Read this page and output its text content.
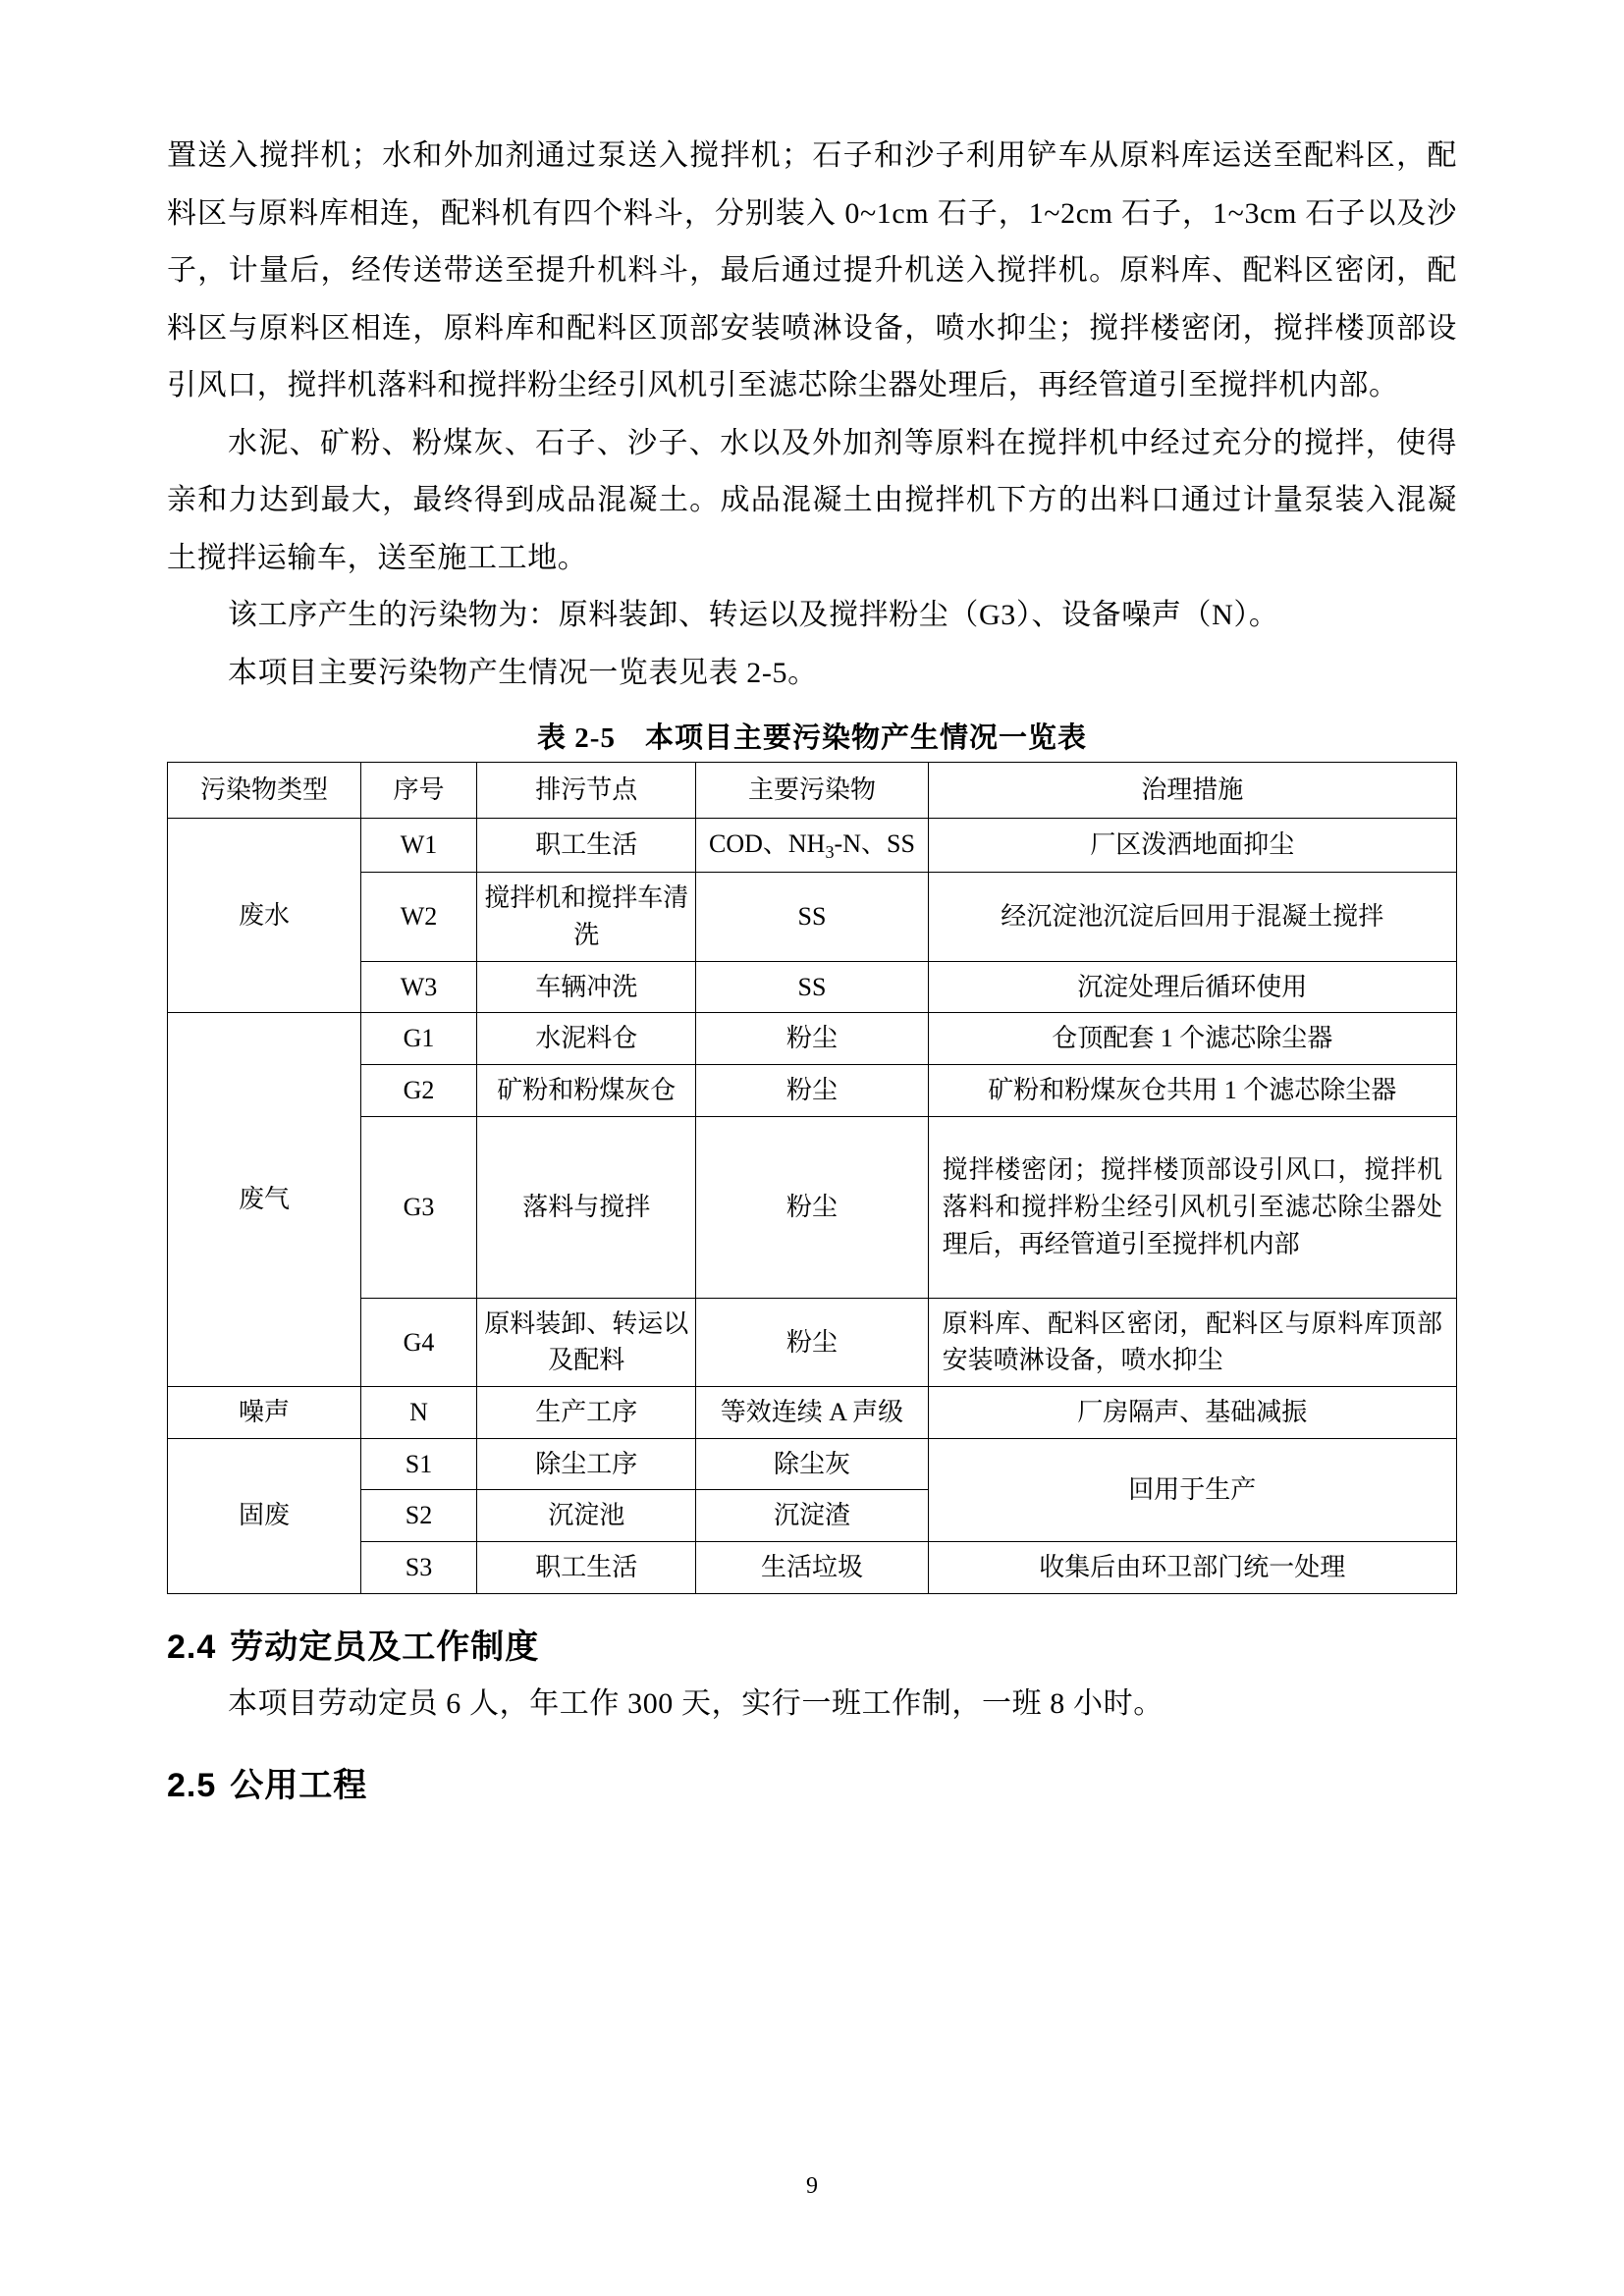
置送入搅拌机；水和外加剂通过泵送入搅拌机；石子和沙子利用铲车从原料库运送至配料区，配料区与原料库相连，配料机有四个料斗，分别装入 0~1cm 石子，1~2cm 石子，1~3cm 石子以及沙子，计量后，经传送带送至提升机料斗，最后通过提升机送入搅拌机。原料库、配料区密闭，配料区与原料区相连，原料库和配料区顶部安装喷淋设备，喷水抑尘；搅拌楼密闭，搅拌楼顶部设引风口，搅拌机落料和搅拌粉尘经引风机引至滤芯除尘器处理后，再经管道引至搅拌机内部。

水泥、矿粉、粉煤灰、石子、沙子、水以及外加剂等原料在搅拌机中经过充分的搅拌，使得亲和力达到最大，最终得到成品混凝土。成品混凝土由搅拌机下方的出料口通过计量泵装入混凝土搅拌运输车，送至施工工地。

该工序产生的污染物为：原料装卸、转运以及搅拌粉尘（G3）、设备噪声（N）。

本项目主要污染物产生情况一览表见表 2-5。

表 2-5 本项目主要污染物产生情况一览表
污染物类型	序号	排污节点	主要污染物	治理措施
废水	W1	职工生活	COD、$NH_3-N$、SS	厂区泼洒地面抑尘
	W2	搅拌机和搅拌车清洗	SS	经沉淀池沉淀后回用于混凝土搅拌
	W3	车辆冲洗	SS	沉淀处理后循环使用
废气	G1	水泥料仓	粉尘	仓顶配套 1 个滤芯除尘器
	G2	矿粉和粉煤灰仓	粉尘	矿粉和粉煤灰仓共用 1 个滤芯除尘器
	G3	落料与搅拌	粉尘	搅拌楼密闭；搅拌楼顶部设引风口，搅拌机落料和搅拌粉尘经引风机引至滤芯除尘器处理后，再经管道引至搅拌机内部
	G4	原料装卸、转运以及配料	粉尘	原料库、配料区密闭，配料区与原料库顶部安装喷淋设备，喷水抑尘
噪声	N	生产工序	等效连续 A 声级	厂房隔声、基础减振
固废	S1	除尘工序	除尘灰	回用于生产
	S2	沉淀池	沉淀渣	
	S3	职工生活	生活垃圾	收集后由环卫部门统一处理
2.4 劳动定员及工作制度

本项目劳动定员 6 人，年工作 300 天，实行一班工作制，一班 8 小时。

2.5 公用工程
9
